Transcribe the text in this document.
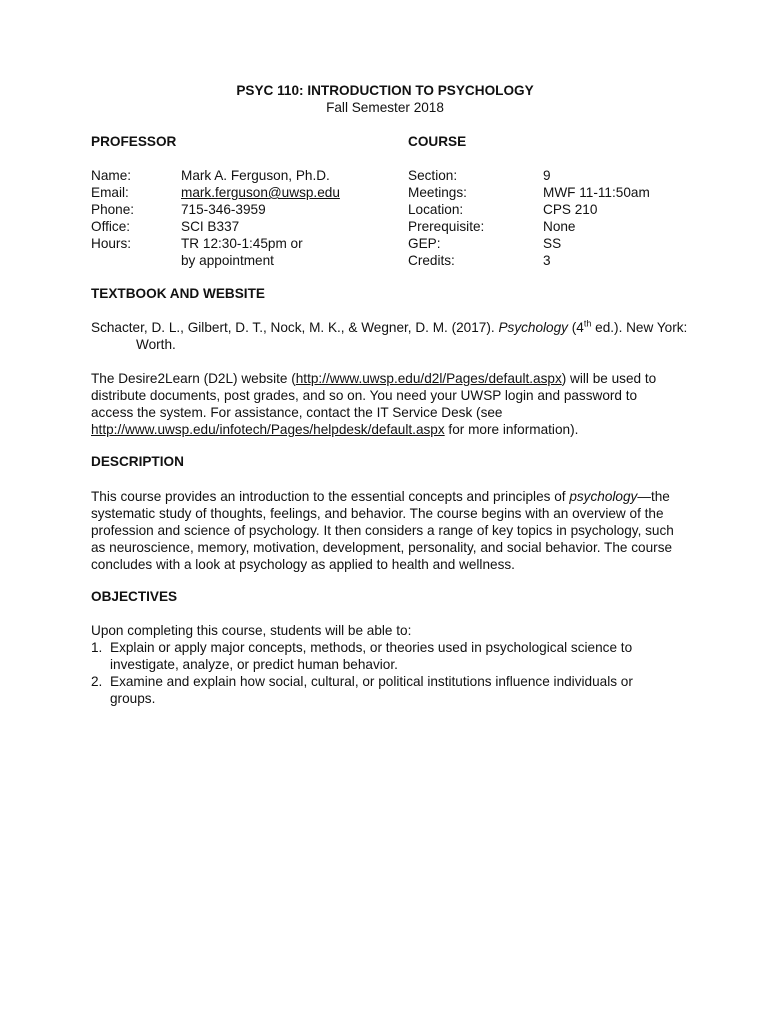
PSYC 110: INTRODUCTION TO PSYCHOLOGY
Fall Semester 2018
PROFESSOR
Name:	Mark A. Ferguson, Ph.D.
Email:	mark.ferguson@uwsp.edu
Phone:	715-346-3959
Office:	SCI B337
Hours:	TR 12:30-1:45pm or
by appointment
COURSE
Section:	9
Meetings:	MWF 11-11:50am
Location:	CPS 210
Prerequisite:	None
GEP:	SS
Credits:	3
TEXTBOOK AND WEBSITE
Schacter, D. L., Gilbert, D. T., Nock, M. K., & Wegner, D. M. (2017). Psychology (4th ed.). New York: Worth.
The Desire2Learn (D2L) website (http://www.uwsp.edu/d2l/Pages/default.aspx) will be used to distribute documents, post grades, and so on. You need your UWSP login and password to access the system. For assistance, contact the IT Service Desk (see http://www.uwsp.edu/infotech/Pages/helpdesk/default.aspx for more information).
DESCRIPTION
This course provides an introduction to the essential concepts and principles of psychology—the systematic study of thoughts, feelings, and behavior. The course begins with an overview of the profession and science of psychology. It then considers a range of key topics in psychology, such as neuroscience, memory, motivation, development, personality, and social behavior. The course concludes with a look at psychology as applied to health and wellness.
OBJECTIVES
Upon completing this course, students will be able to:
1. Explain or apply major concepts, methods, or theories used in psychological science to investigate, analyze, or predict human behavior.
2. Examine and explain how social, cultural, or political institutions influence individuals or groups.
